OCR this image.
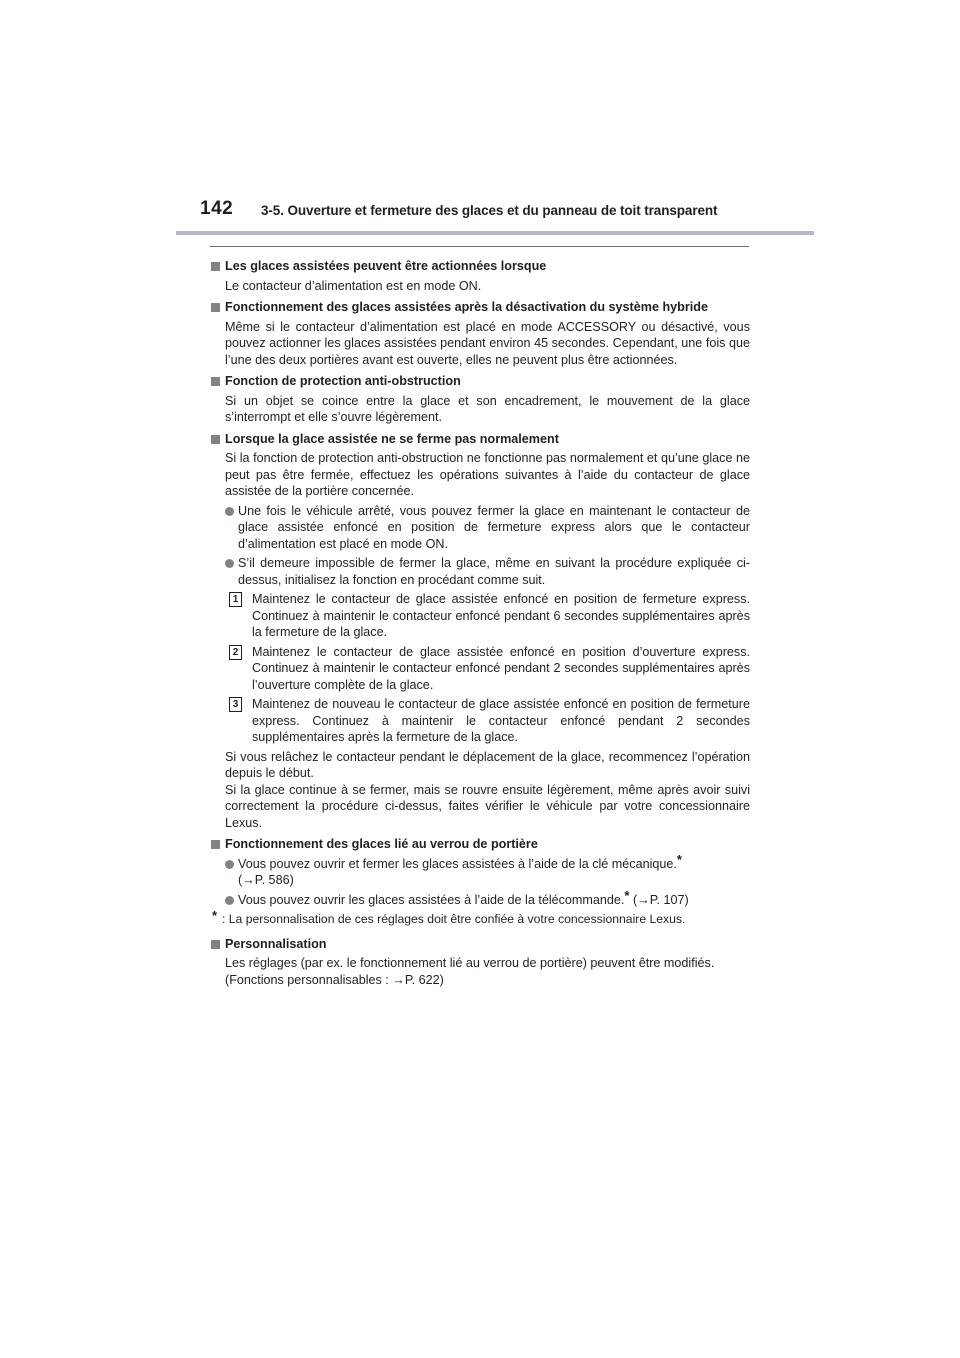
142 3-5. Ouverture et fermeture des glaces et du panneau de toit transparent
Les glaces assistées peuvent être actionnées lorsque
Le contacteur d’alimentation est en mode ON.
Fonctionnement des glaces assistées après la désactivation du système hybride
Même si le contacteur d’alimentation est placé en mode ACCESSORY ou désactivé, vous pouvez actionner les glaces assistées pendant environ 45 secondes. Cependant, une fois que l’une des deux portières avant est ouverte, elles ne peuvent plus être actionnées.
Fonction de protection anti-obstruction
Si un objet se coince entre la glace et son encadrement, le mouvement de la glace s’interrompt et elle s’ouvre légèrement.
Lorsque la glace assistée ne se ferme pas normalement
Si la fonction de protection anti-obstruction ne fonctionne pas normalement et qu’une glace ne peut pas être fermée, effectuez les opérations suivantes à l’aide du contacteur de glace assistée de la portière concernée.
Une fois le véhicule arrêté, vous pouvez fermer la glace en maintenant le contacteur de glace assistée enfoncé en position de fermeture express alors que le contacteur d’alimentation est placé en mode ON.
S’il demeure impossible de fermer la glace, même en suivant la procédure expliquée ci-dessus, initialisez la fonction en procédant comme suit.
1 Maintenez le contacteur de glace assistée enfoncé en position de fermeture express. Continuez à maintenir le contacteur enfoncé pendant 6 secondes supplémentaires après la fermeture de la glace.
2 Maintenez le contacteur de glace assistée enfoncé en position d’ouverture express. Continuez à maintenir le contacteur enfoncé pendant 2 secondes supplémentaires après l’ouverture complète de la glace.
3 Maintenez de nouveau le contacteur de glace assistée enfoncé en position de fermeture express. Continuez à maintenir le contacteur enfoncé pendant 2 secondes supplémentaires après la fermeture de la glace.
Si vous relâchez le contacteur pendant le déplacement de la glace, recommencez l’opération depuis le début.
Si la glace continue à se fermer, mais se rouvre ensuite légèrement, même après avoir suivi correctement la procédure ci-dessus, faites vérifier le véhicule par votre concessionnaire Lexus.
Fonctionnement des glaces lié au verrou de portière
Vous pouvez ouvrir et fermer les glaces assistées à l’aide de la clé mécanique.*
(→P. 586)
Vous pouvez ouvrir les glaces assistées à l’aide de la télécommande.* (→P. 107)
* : La personnalisation de ces réglages doit être confiée à votre concessionnaire Lexus.
Personnalisation
Les réglages (par ex. le fonctionnement lié au verrou de portière) peuvent être modifiés.
(Fonctions personnalisables : →P. 622)
